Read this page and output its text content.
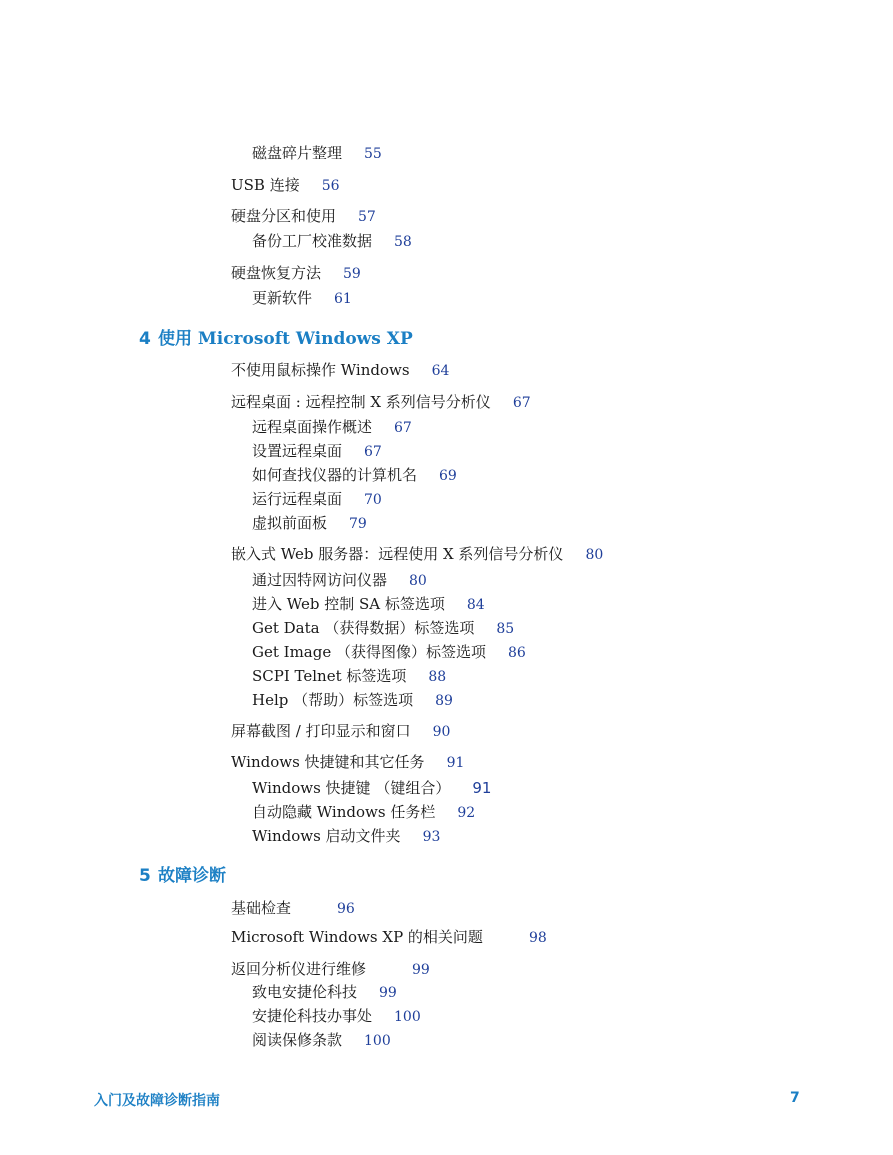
磁盘碎片整理 55
USB 连接 56
硬盘分区和使用 57
备份工厂校准数据 58
硬盘恢复方法 59
更新软件 61
4 使用 Microsoft Windows XP
不使用鼠标操作 Windows 64
远程桌面 : 远程控制 X 系列信号分析仪 67
远程桌面操作概述 67
设置远程桌面 67
如何查找仪器的计算机名 69
运行远程桌面 70
虚拟前面板 79
嵌入式 Web 服务器：远程使用 X 系列信号分析仪 80
通过因特网访问仪器 80
进入 Web 控制 SA 标签选项 84
Get Data （获得数据）标签选项 85
Get Image （获得图像）标签选项 86
SCPI Telnet 标签选项 88
Help （帮助）标签选项 89
屏幕截图 / 打印显示和窗口 90
Windows 快捷键和其它任务 91
Windows 快捷键 （键组合） 91
自动隐藏 Windows 任务栏 92
Windows 启动文件夹 93
5 故障诊断
基础检查	96
Microsoft Windows XP 的相关问题	98
返回分析仪进行维修	99
致电安捷伦科技 99
安捷伦科技办事处 100
阅读保修条款 100
入门及故障诊断指南	7
